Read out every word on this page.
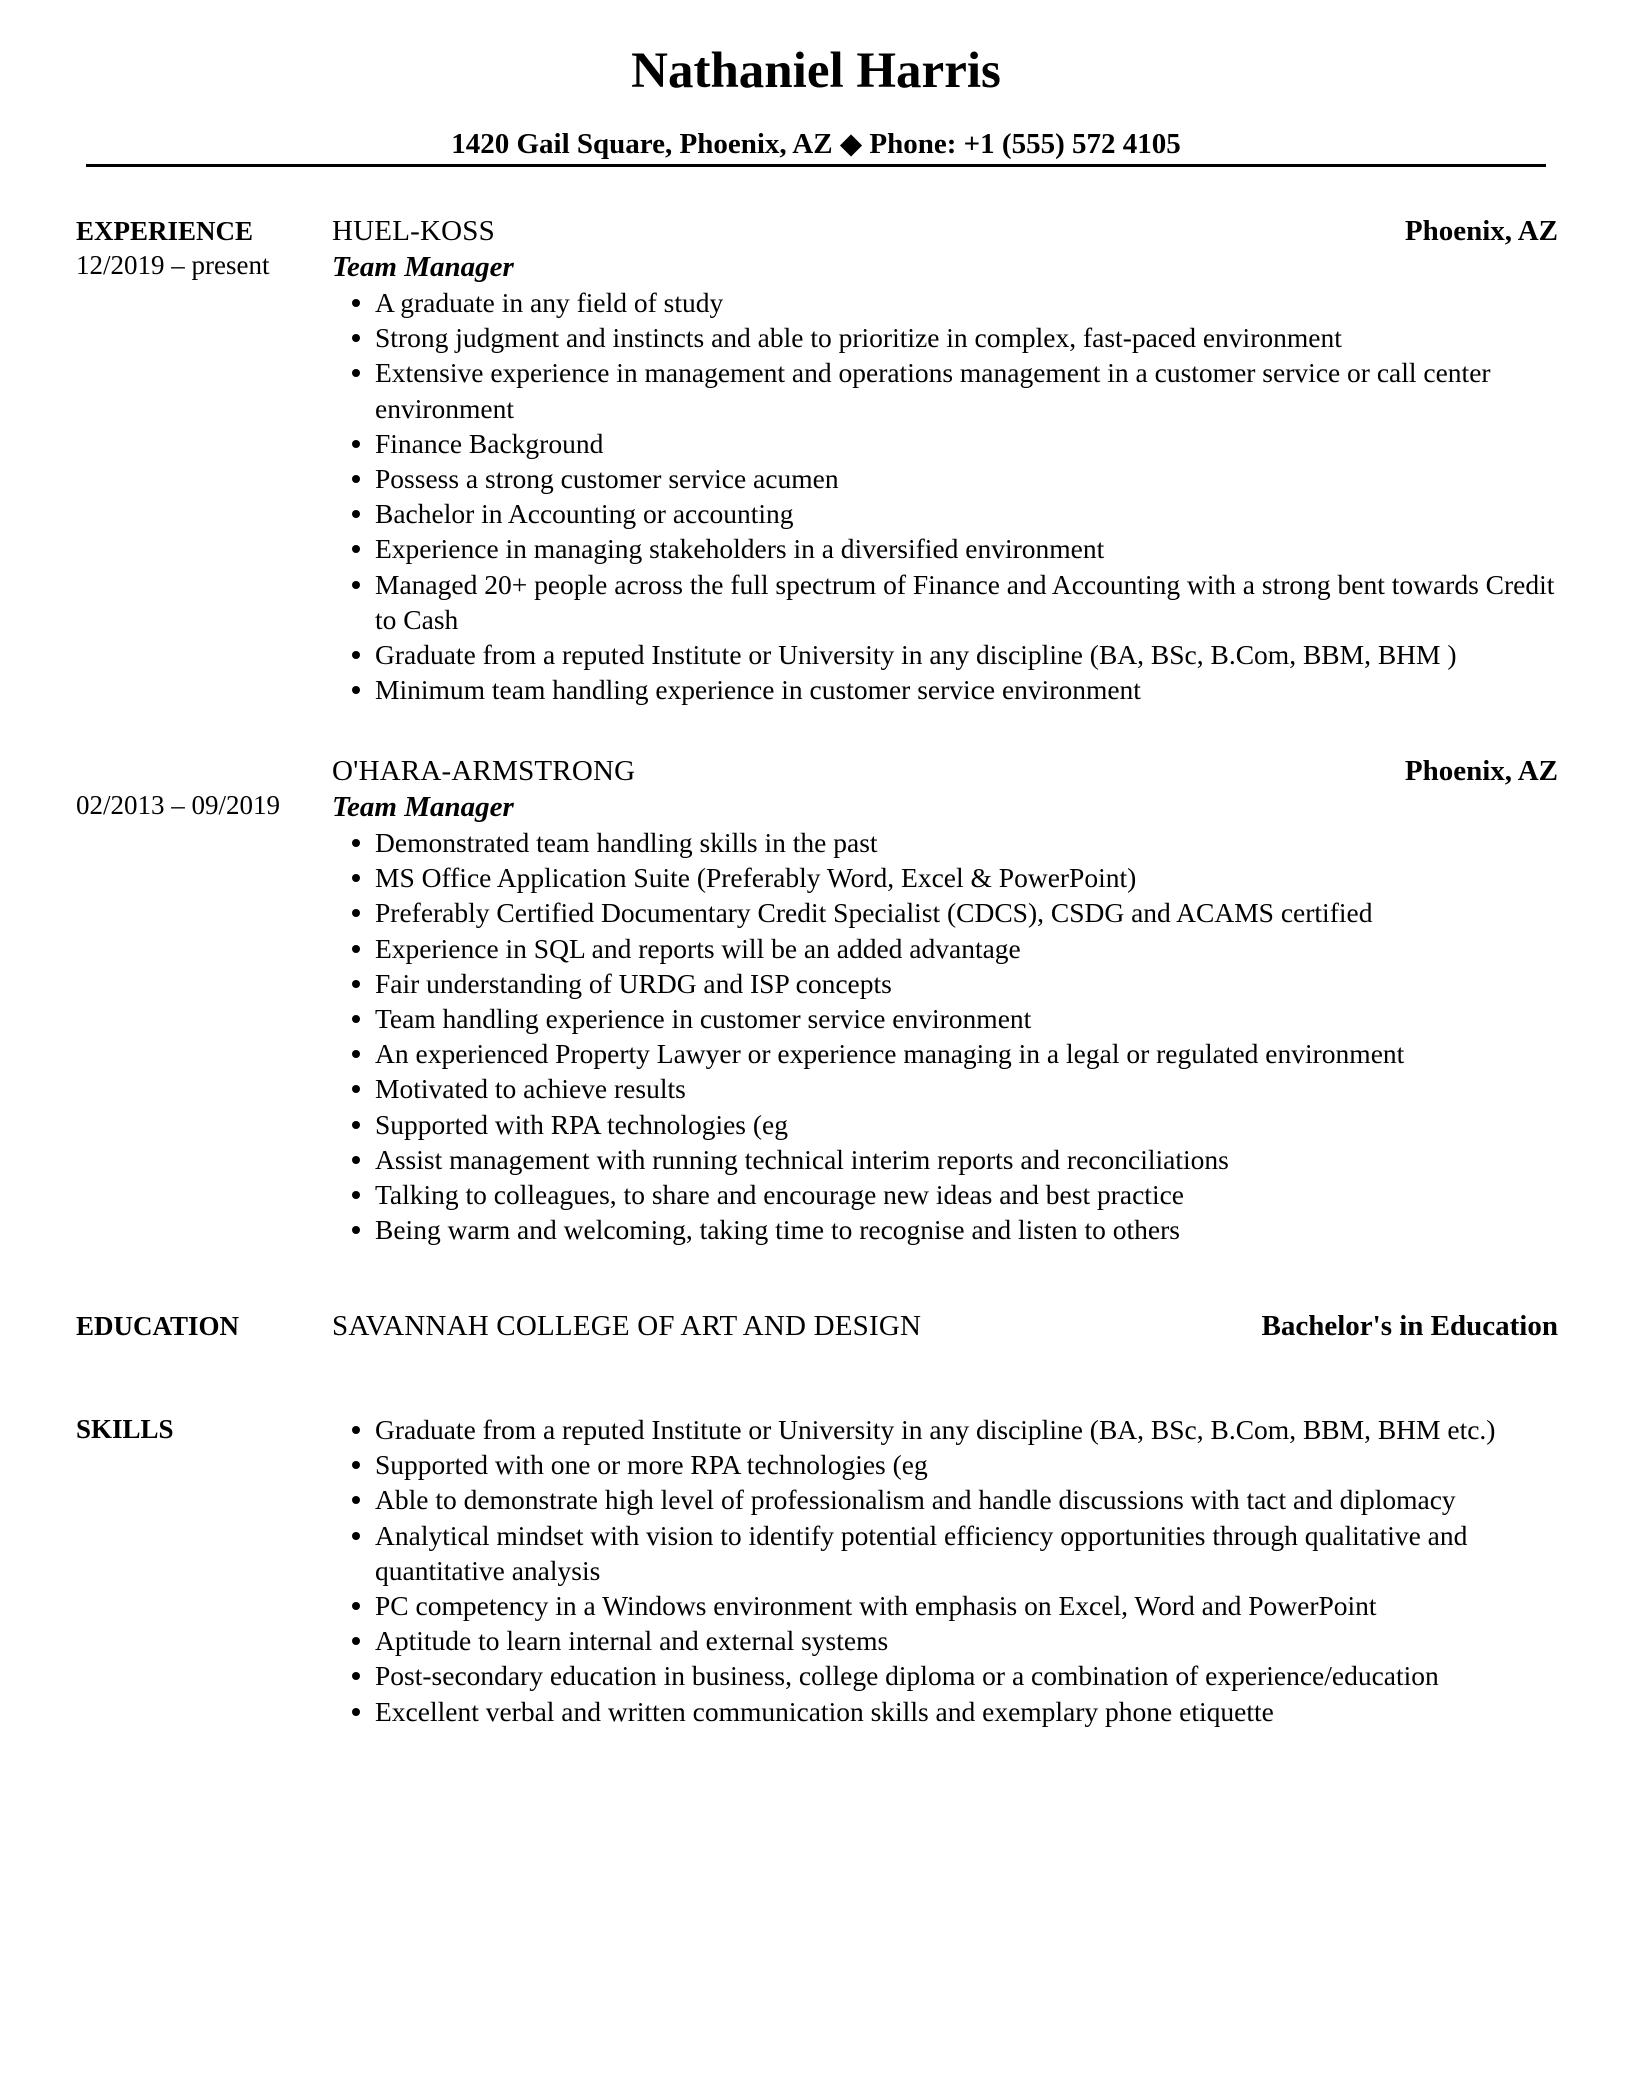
Nathaniel Harris
1420 Gail Square, Phoenix, AZ ◆ Phone: +1 (555) 572 4105
EXPERIENCE
12/2019 – present
HUEL-KOSS	Phoenix, AZ
Team Manager
A graduate in any field of study
Strong judgment and instincts and able to prioritize in complex, fast-paced environment
Extensive experience in management and operations management in a customer service or call center environment
Finance Background
Possess a strong customer service acumen
Bachelor in Accounting or accounting
Experience in managing stakeholders in a diversified environment
Managed 20+ people across the full spectrum of Finance and Accounting with a strong bent towards Credit to Cash
Graduate from a reputed Institute or University in any discipline (BA, BSc, B.Com, BBM, BHM )
Minimum team handling experience in customer service environment
02/2013 – 09/2019
O'HARA-ARMSTRONG	Phoenix, AZ
Team Manager
Demonstrated team handling skills in the past
MS Office Application Suite (Preferably Word, Excel & PowerPoint)
Preferably Certified Documentary Credit Specialist (CDCS), CSDG and ACAMS certified
Experience in SQL and reports will be an added advantage
Fair understanding of URDG and ISP concepts
Team handling experience in customer service environment
An experienced Property Lawyer or experience managing in a legal or regulated environment
Motivated to achieve results
Supported with RPA technologies (eg
Assist management with running technical interim reports and reconciliations
Talking to colleagues, to share and encourage new ideas and best practice
Being warm and welcoming, taking time to recognise and listen to others
EDUCATION	SAVANNAH COLLEGE OF ART AND DESIGN	Bachelor's in Education
SKILLS	Graduate from a reputed Institute or University in any discipline (BA, BSc, B.Com, BBM, BHM etc.)
Supported with one or more RPA technologies (eg
Able to demonstrate high level of professionalism and handle discussions with tact and diplomacy
Analytical mindset with vision to identify potential efficiency opportunities through qualitative and quantitative analysis
PC competency in a Windows environment with emphasis on Excel, Word and PowerPoint
Aptitude to learn internal and external systems
Post-secondary education in business, college diploma or a combination of experience/education
Excellent verbal and written communication skills and exemplary phone etiquette
